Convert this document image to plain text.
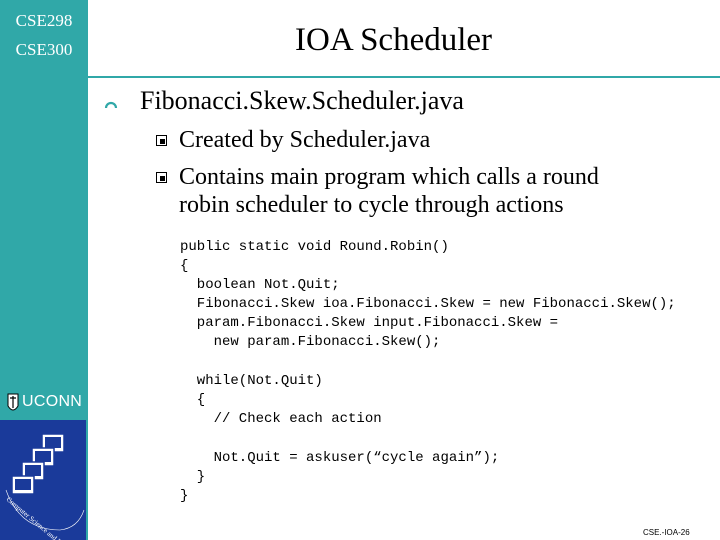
CSE298
CSE300
UCONN
IOA Scheduler
Fibonacci.Skew.Scheduler.java
Created by Scheduler.java
Contains main program which calls a round
robin scheduler to cycle through actions
public static void Round.Robin()
{
boolean Not.Quit;
Fibonacci.Skew ioa.Fibonacci.Skew = new Fibonacci.Skew();
param.Fibonacci.Skew input.Fibonacci.Skew =
new param.Fibonacci.Skew();
while(Not.Quit)
{
// Check each action
Not.Quit = askuser(“cycle again”);
}
}
CSE.-IOA-26
